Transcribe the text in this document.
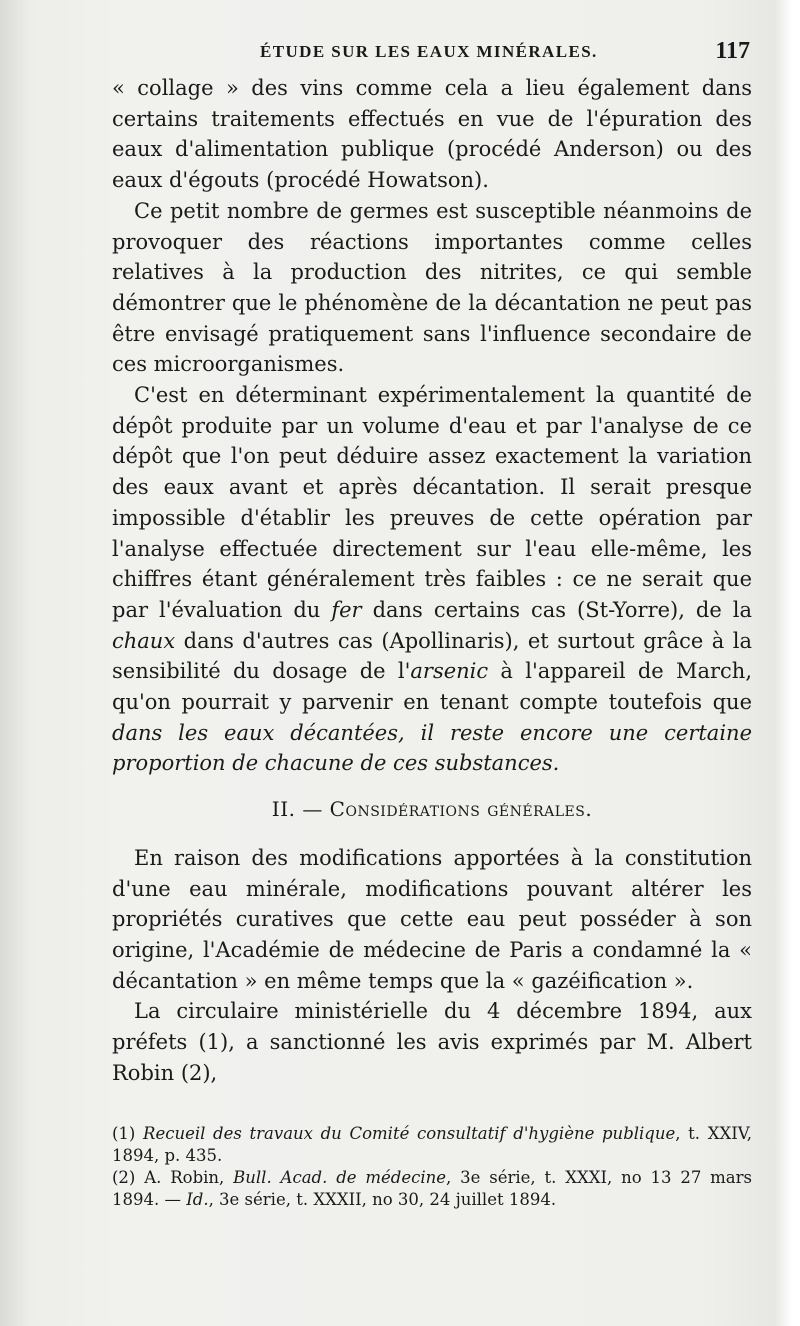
ÉTUDE SUR LES EAUX MINÉRALES.	117

« collage » des vins comme cela a lieu également dans certains traitements effectués en vue de l'épuration des eaux d'alimentation publique (procédé Anderson) ou des eaux d'égouts (procédé Howatson).

Ce petit nombre de germes est susceptible néanmoins de provoquer des réactions importantes comme celles relatives à la production des nitrites, ce qui semble démontrer que le phénomène de la décantation ne peut pas être envisagé pratiquement sans l'influence secondaire de ces microorganismes.

C'est en déterminant expérimentalement la quantité de dépôt produite par un volume d'eau et par l'analyse de ce dépôt que l'on peut déduire assez exactement la variation des eaux avant et après décantation. Il serait presque impossible d'établir les preuves de cette opération par l'analyse effectuée directement sur l'eau elle-même, les chiffres étant généralement très faibles : ce ne serait que par l'évaluation du fer dans certains cas (St-Yorre), de la chaux dans d'autres cas (Apollinaris), et surtout grâce à la sensibilité du dosage de l'arsenic à l'appareil de March, qu'on pourrait y parvenir en tenant compte toutefois que dans les eaux décantées, il reste encore une certaine proportion de chacune de ces substances.

II. — Considérations générales.

En raison des modifications apportées à la constitution d'une eau minérale, modifications pouvant altérer les propriétés curatives que cette eau peut posséder à son origine, l'Académie de médecine de Paris a condamné la « décantation » en même temps que la « gazéification ».

La circulaire ministérielle du 4 décembre 1894, aux préfets (1), a sanctionné les avis exprimés par M. Albert Robin (2),

(1) Recueil des travaux du Comité consultatif d'hygiène publique, t. XXIV, 1894, p. 435.

(2) A. Robin, Bull. Acad. de médecine, 3e série, t. XXXI, no 13 27 mars 1894. — Id., 3e série, t. XXXII, no 30, 24 juillet 1894.
